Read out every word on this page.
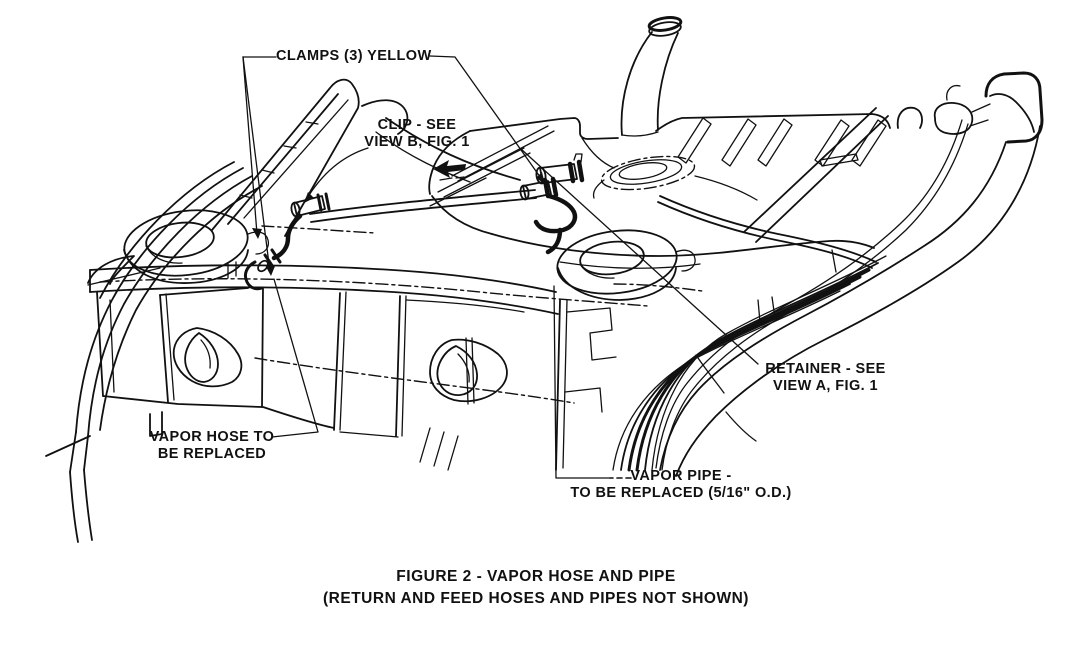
CLAMPS (3) YELLOW
CLIP - SEE
VIEW B, FIG. 1
RETAINER - SEE
VIEW A, FIG. 1
VAPOR HOSE TO
BE REPLACED
VAPOR PIPE -
TO BE REPLACED (5/16" O.D.)
FIGURE 2 - VAPOR HOSE AND PIPE
(RETURN AND FEED HOSES AND PIPES NOT SHOWN)
